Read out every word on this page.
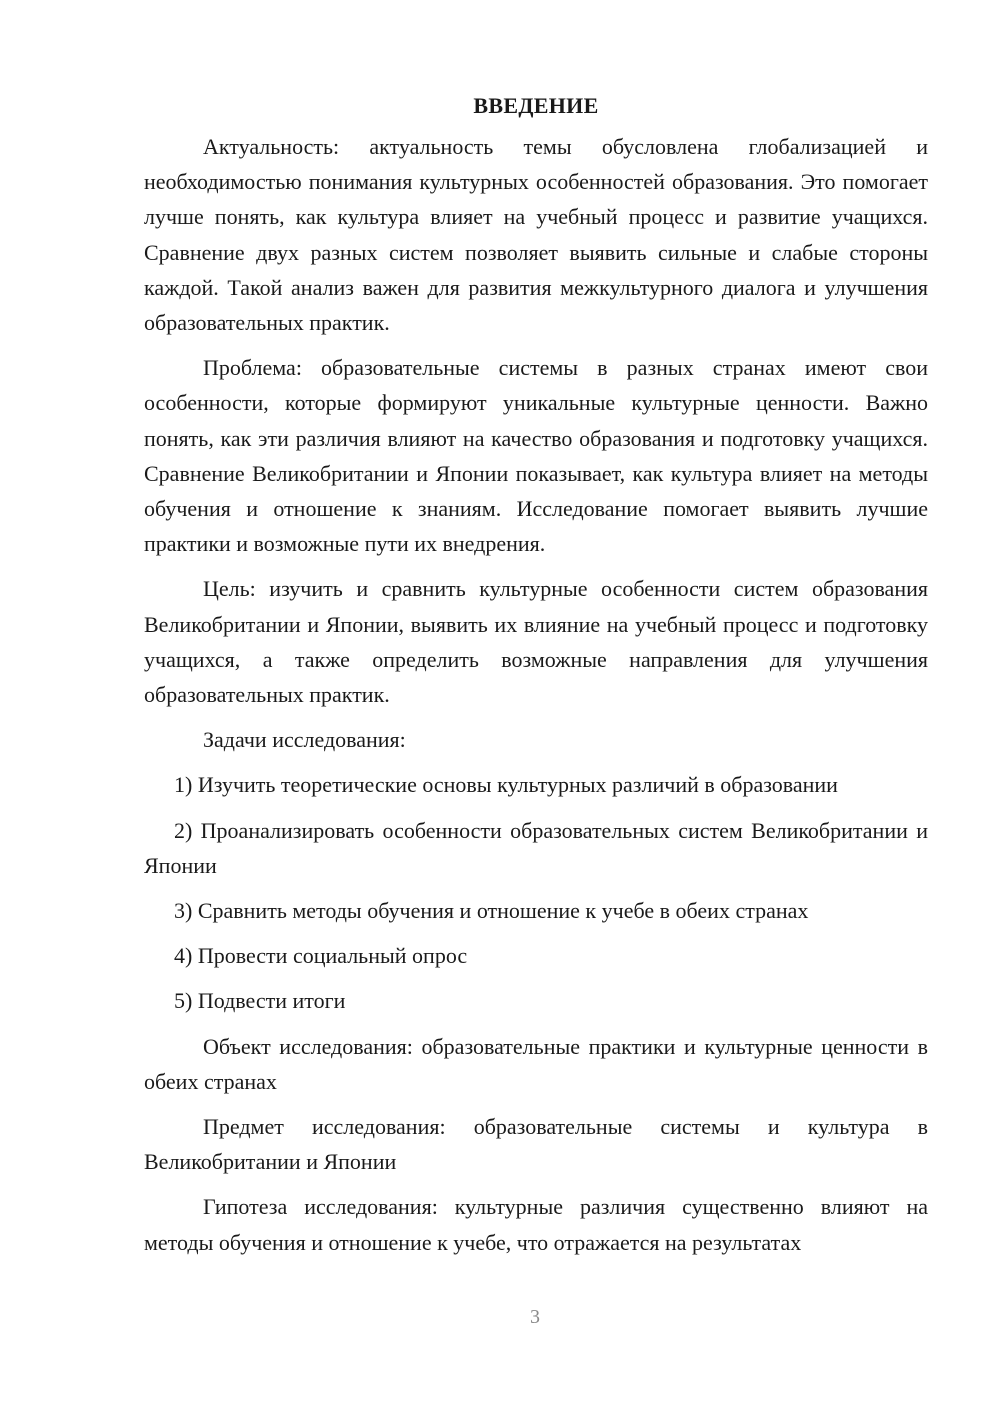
ВВЕДЕНИЕ

Актуальность: актуальность темы обусловлена глобализацией и необходимостью понимания культурных особенностей образования. Это помогает лучше понять, как культура влияет на учебный процесс и развитие учащихся. Сравнение двух разных систем позволяет выявить сильные и слабые стороны каждой. Такой анализ важен для развития межкультурного диалога и улучшения образовательных практик.

Проблема: образовательные системы в разных странах имеют свои особенности, которые формируют уникальные культурные ценности. Важно понять, как эти различия влияют на качество образования и подготовку учащихся. Сравнение Великобритании и Японии показывает, как культура влияет на методы обучения и отношение к знаниям. Исследование помогает выявить лучшие практики и возможные пути их внедрения.

Цель: изучить и сравнить культурные особенности систем образования Великобритании и Японии, выявить их влияние на учебный процесс и подготовку учащихся, а также определить возможные направления для улучшения образовательных практик.

Задачи исследования:

1) Изучить теоретические основы культурных различий в образовании

2) Проанализировать особенности образовательных систем Великобритании и Японии

3) Сравнить методы обучения и отношение к учебе в обеих странах

4) Провести социальный опрос

5) Подвести итоги

Объект исследования: образовательные практики и культурные ценности в обеих странах

Предмет исследования: образовательные системы и культура в Великобритании и Японии

Гипотеза исследования: культурные различия существенно влияют на методы обучения и отношение к учебе, что отражается на результатах

3
